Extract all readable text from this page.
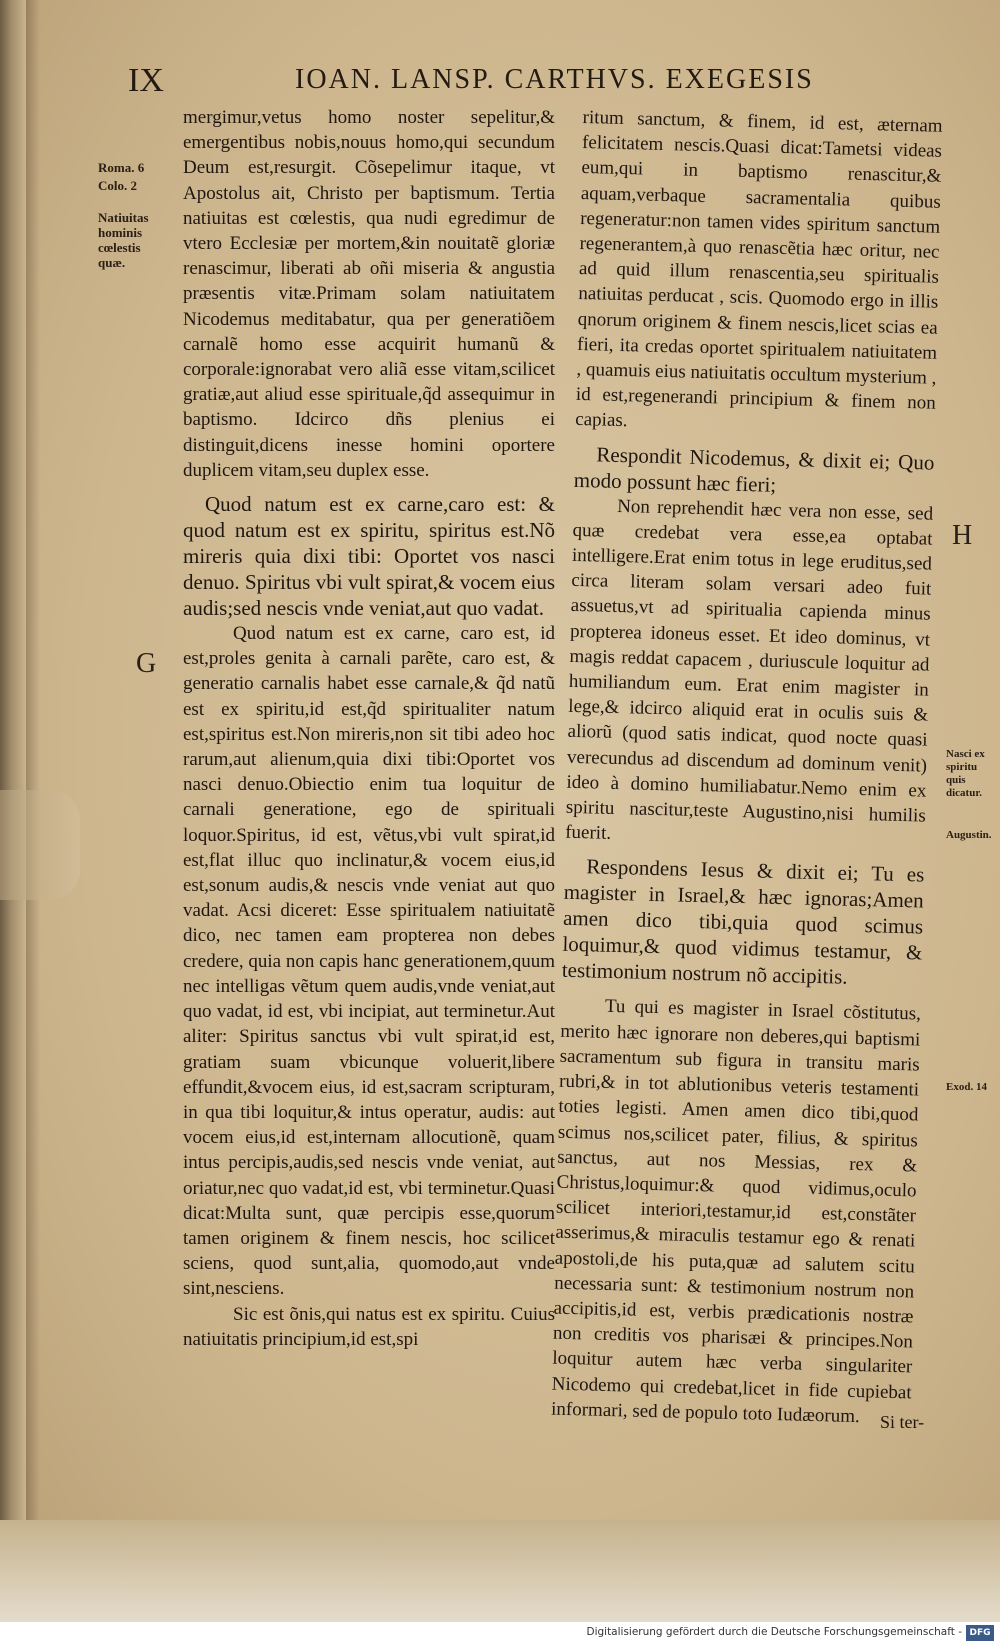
IX	IOAN. LANSP. CARTHVS. EXEGESIS
Roma. 6
Colo. 2
Natiuitas hominis cœlestis quæ.
G
H
Nasci ex spiritu quis dicatur.
Augustin.
Exod. 14

mergimur,vetus homo noster sepelitur,& emergentibus nobis,nouus homo,qui secundum Deum est,resurgit. Cõsepelimur itaque, vt Apostolus ait, Christo per baptismum. Tertia natiuitas est cœlestis, qua nudi egredimur de vtero Ecclesiæ per mortem,&in nouitatẽ gloriæ renascimur, liberati ab oñi miseria & angustia præsentis vitæ.Primam solam natiuitatem Nicodemus meditabatur, qua per generatiõem carnalẽ homo esse acquirit humanũ & corporale:ignorabat vero aliã esse vitam,scilicet gratiæ,aut aliud esse spirituale,q̃d assequimur in baptismo. Idcirco dñs plenius ei distinguit,dicens inesse homini oportere duplicem vitam,seu duplex esse.

Quod natum est ex carne,caro est: & quod natum est ex spiritu, spiritus est.Nõ mireris quia dixi tibi: Oportet vos nasci denuo. Spiritus vbi vult spirat,& vocem eius audis;sed nescis vnde veniat,aut quo vadat.

Quod natum est ex carne, caro est, id est,proles genita à carnali parẽte, caro est, & generatio carnalis habet esse carnale,& q̃d natũ est ex spiritu,id est,q̃d spiritualiter natum est,spiritus est.Non mireris,non sit tibi adeo hoc rarum,aut alienum,quia dixi tibi:Oportet vos nasci denuo.Obiectio enim tua loquitur de carnali generatione, ego de spirituali loquor.Spiritus, id est, vẽtus,vbi vult spirat,id est,flat illuc quo inclinatur,& vocem eius,id est,sonum audis,& nescis vnde veniat aut quo vadat. Acsi diceret: Esse spiritualem natiuitatẽ dico, nec tamen eam propterea non debes credere, quia non capis hanc generationem,quum nec intelligas vẽtum quem audis,vnde veniat,aut quo vadat, id est, vbi incipiat, aut terminetur.Aut aliter: Spiritus sanctus vbi vult spirat,id est, gratiam suam vbicunque voluerit,libere effundit,&vocem eius, id est,sacram scripturam, in qua tibi loquitur,& intus operatur, audis: aut vocem eius,id est,internam allocutionẽ, quam intus percipis,audis,sed nescis vnde veniat, aut oriatur,nec quo vadat,id est, vbi terminetur.Quasi dicat:Multa sunt, quæ percipis esse,quorum tamen originem & finem nescis, hoc scilicet sciens, quod sunt,alia, quomodo,aut vnde sint,nesciens.

Sic est õnis,qui natus est ex spiritu. Cuius natiuitatis principium,id est,spi

ritum sanctum, & finem, id est, æternam felicitatem nescis.Quasi dicat:Tametsi videas eum,qui in baptismo renascitur,& aquam,verbaque sacramentalia quibus regeneratur:non tamen vides spiritum sanctum regenerantem,à quo renascẽtia hæc oritur, nec ad quid illum renascentia,seu spiritualis natiuitas perducat , scis. Quomodo ergo in illis qnorum originem & finem nescis,licet scias ea fieri, ita credas oportet spiritualem natiuitatem , quamuis eius natiuitatis occultum mysterium , id est,regenerandi principium & finem non capias.

Respondit Nicodemus, & dixit ei; Quo modo possunt hæc fieri;

Non reprehendit hæc vera non esse, sed quæ credebat vera esse,ea optabat intelligere.Erat enim totus in lege eruditus,sed circa literam solam versari adeo fuit assuetus,vt ad spiritualia capienda minus propterea idoneus esset. Et ideo dominus, vt magis reddat capacem , duriuscule loquitur ad humiliandum eum. Erat enim magister in lege,& idcirco aliquid erat in oculis suis & aliorũ (quod satis indicat, quod nocte quasi verecundus ad discendum ad dominum venit) ideo à domino humiliabatur.Nemo enim ex spiritu nascitur,teste Augustino,nisi humilis fuerit.

Respondens Iesus & dixit ei; Tu es magister in Israel,& hæc ignoras;Amen amen dico tibi,quia quod scimus loquimur,& quod vidimus testamur, & testimonium nostrum nõ accipitis.

Tu qui es magister in Israel cõstitutus, merito hæc ignorare non deberes,qui baptismi sacramentum sub figura in transitu maris rubri,& in tot ablutionibus veteris testamenti toties legisti. Amen amen dico tibi,quod scimus nos,scilicet pater, filius, & spiritus sanctus, aut nos Messias, rex & Christus,loquimur:& quod vidimus,oculo scilicet interiori,testamur,id est,constãter asserimus,& miraculis testamur ego & renati apostoli,de his puta,quæ ad salutem scitu necessaria sunt: & testimonium nostrum non accipitis,id est, verbis prædicationis nostræ non creditis vos pharisæi & principes.Non loquitur autem hæc verba singulariter Nicodemo qui credebat,licet in fide cupiebat informari, sed de populo toto Iudæorum.	Si ter-
Digitalisierung gefördert durch die Deutsche Forschungsgemeinschaft - DFG
